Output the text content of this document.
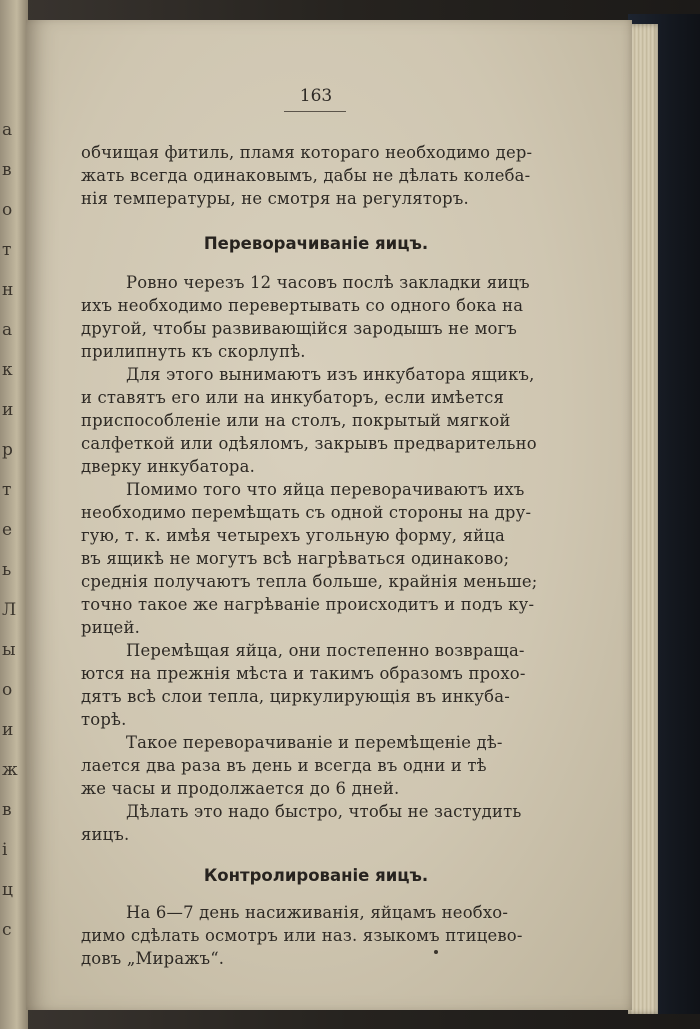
a
в
о
т
н
а
к
и
р
т
е
ь
Л
ы
о
и
ж
в
і
ц
с
163
обчищая фитиль, пламя котораго необходимо дер-
жать всегда одинаковымъ, дабы не дѣлать колеба-
нія температуры, не смотря на регуляторъ.
Переворачиваніе яицъ.
Ровно черезъ 12 часовъ послѣ закладки яицъ
ихъ необходимо перевертывать со одного бока на
другой, чтобы развивающійся зародышъ не могъ
прилипнуть къ скорлупѣ.
Для этого вынимаютъ изъ инкубатора ящикъ,
и ставятъ его или на инкубаторъ, если имѣется
приспособленіе или на столъ, покрытый мягкой
салфеткой или одѣяломъ, закрывъ предварительно
дверку инкубатора.
Помимо того что яйца переворачиваютъ ихъ
необходимо перемѣщать съ одной стороны на дру-
гую, т. к. имѣя четырехъ угольную форму, яйца
въ ящикѣ не могутъ всѣ нагрѣваться одинаково;
среднія получаютъ тепла больше, крайнія меньше;
точно такое же нагрѣваніе происходитъ и подъ ку-
рицей.
Перемѣщая яйца, они постепенно возвраща-
ются на прежнія мѣста и такимъ образомъ прохо-
дятъ всѣ слои тепла, циркулирующія въ инкуба-
торѣ.
Такое переворачиваніе и перемѣщеніе дѣ-
лается два раза въ день и всегда въ одни и тѣ
же часы и продолжается до 6 дней.
Дѣлать это надо быстро, чтобы не застудить
яицъ.
Контролированіе яицъ.
На 6—7 день насиживанія, яйцамъ необхо-
димо сдѣлать осмотръ или наз. языкомъ птицево-
довъ „Миражъ“.
